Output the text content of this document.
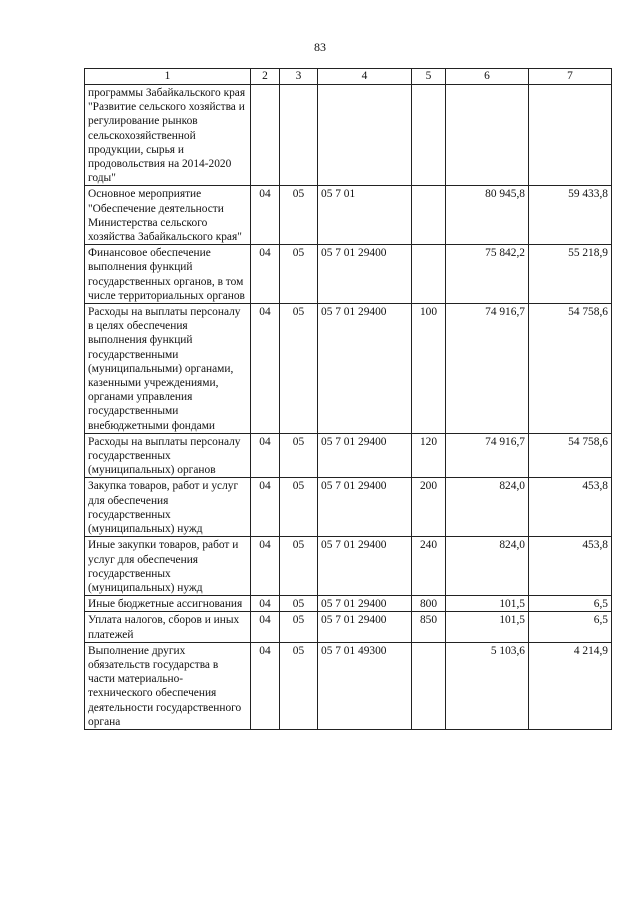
83
1	2	3	4	5	6	7
программы Забайкальского края "Развитие сельского хозяйства и регулирование рынков сельскохозяйственной продукции, сырья и продовольствия на 2014-2020 годы"						
Основное мероприятие "Обеспечение деятельности Министерства сельского хозяйства Забайкальского края"	04	05	05 7 01		80 945,8	59 433,8
Финансовое обеспечение выполнения функций государственных органов, в том числе территориальных органов	04	05	05 7 01 29400		75 842,2	55 218,9
Расходы на выплаты персоналу в целях обеспечения выполнения функций государственными (муниципальными) органами, казенными учреждениями, органами управления государственными внебюджетными фондами	04	05	05 7 01 29400	100	74 916,7	54 758,6
Расходы на выплаты персоналу государственных (муниципальных) органов	04	05	05 7 01 29400	120	74 916,7	54 758,6
Закупка товаров, работ и услуг для обеспечения государственных (муниципальных) нужд	04	05	05 7 01 29400	200	824,0	453,8
Иные закупки товаров, работ и услуг для обеспечения государственных (муниципальных) нужд	04	05	05 7 01 29400	240	824,0	453,8
Иные бюджетные ассигнования	04	05	05 7 01 29400	800	101,5	6,5
Уплата налогов, сборов и иных платежей	04	05	05 7 01 29400	850	101,5	6,5
Выполнение других обязательств государства в части материально-технического обеспечения деятельности государственного органа	04	05	05 7 01 49300		5 103,6	4 214,9
